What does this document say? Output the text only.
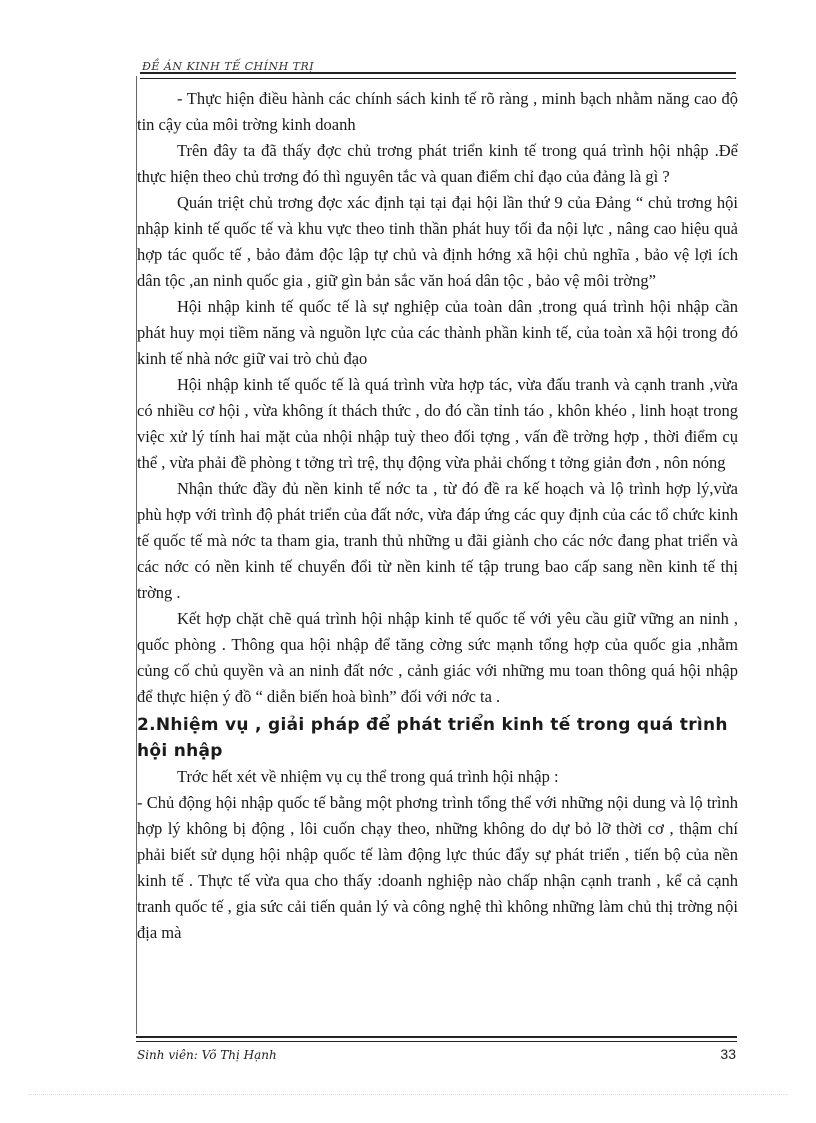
ĐỀ ÁN KINH TẾ CHÍNH TRỊ

- Thực hiện điều hành các chính sách kinh tế rõ ràng , minh bạch nhằm năng cao độ tin cậy của môi trờng kinh doanh

Trên đây ta đã thấy đợc chủ trơng phát triển kinh tế trong quá trình hội nhập .Để thực hiện theo chủ trơng đó thì nguyên tắc và quan điểm chỉ đạo của đảng là gì ?

Quán triệt chủ trơng đợc xác định tại tại đại hội lần thứ 9 của Đảng “ chủ trơng hội nhập kinh tế quốc tế và khu vực theo tinh thần phát huy tối đa nội lực , nâng cao hiệu quả hợp tác quốc tế , bảo đảm độc lập tự chủ và định hớng xã hội chủ nghĩa , bảo vệ lợi ích dân tộc ,an ninh quốc gia , giữ gìn bản sắc văn hoá dân tộc , bảo vệ môi trờng”

Hội nhập kinh tế quốc tế là sự nghiệp của toàn dân ,trong quá trình hội nhập cần phát huy mọi tiềm năng và nguồn lực của các thành phần kinh tế, của toàn xã hội trong đó kinh tế nhà nớc giữ vai trò chủ đạo

Hội nhập kinh tế quốc tế là quá trình vừa hợp tác, vừa đấu tranh và cạnh tranh ,vừa có nhiều cơ hội , vừa không ít thách thức , do đó cần tỉnh táo , khôn khéo , linh hoạt trong việc xử lý tính hai mặt của nhội nhập tuỳ theo đối tợng , vấn đề trờng hợp , thời điểm cụ thể , vừa phải đề phòng t tởng trì trệ, thụ động vừa phải chống t tởng giản đơn , nôn nóng

Nhận thức đầy đủ nền kinh tế nớc ta , từ đó đề ra kế hoạch và lộ trình hợp lý,vừa phù hợp với trình độ phát triển của đất nớc, vừa đáp ứng các quy định của các tổ chức kinh tế quốc tế mà nớc ta tham gia, tranh thủ những u đãi giành cho các nớc đang phat triển và các nớc có nền kinh tế chuyển đổi từ nền kinh tế tập trung bao cấp sang nền kinh tế thị trờng .

Kết hợp chặt chẽ quá trình hội nhập kinh tế quốc tế với yêu cầu giữ vững an ninh , quốc phòng . Thông qua hội nhập để tăng cờng sức mạnh tổng hợp của quốc gia ,nhằm củng cố chủ quyền và an ninh đất nớc , cảnh giác với những mu toan thông quá hội nhập để thực hiện ý đồ “ diễn biến hoà bình” đối với nớc ta .

2.Nhiệm vụ , giải pháp để phát triển kinh tế trong quá trình hội nhập

Trớc hết xét về nhiệm vụ cụ thể trong quá trình hội nhập :

- Chủ động hội nhập quốc tế bằng một phơng trình tổng thể với những nội dung và lộ trình hợp lý không bị động , lôi cuốn chạy theo, những không do dự bỏ lỡ thời cơ , thậm chí phải biết sử dụng hội nhập quốc tế làm động lực thúc đẩy sự phát triển , tiến bộ của nền kinh tế . Thực tế vừa qua cho thấy :doanh nghiệp nào chấp nhận cạnh tranh , kể cả cạnh tranh quốc tế , gia sức cải tiến quản lý và công nghệ thì không những làm chủ thị trờng nội địa mà

Sinh viên: Võ Thị Hạnh	33
